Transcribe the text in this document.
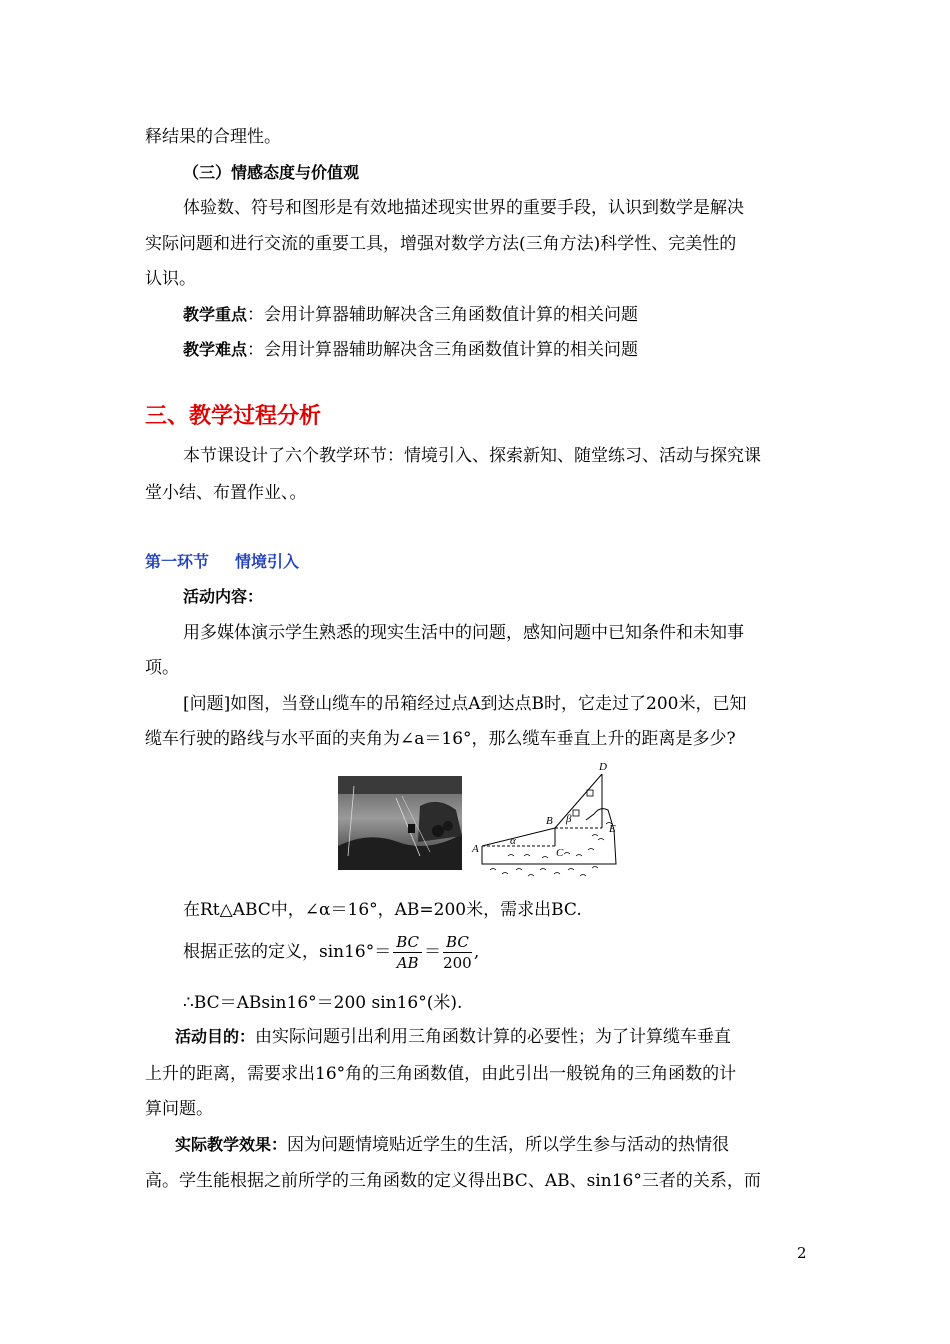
释结果的合理性。
（三）情感态度与价值观
体验数、符号和图形是有效地描述现实世界的重要手段，认识到数学是解决
实际问题和进行交流的重要工具，增强对数学方法(三角方法)科学性、完美性的
认识。
教学重点：会用计算器辅助解决含三角函数值计算的相关问题
教学难点：会用计算器辅助解决含三角函数值计算的相关问题
三、教学过程分析
本节课设计了六个教学环节：情境引入、探索新知、随堂练习、活动与探究课
堂小结、布置作业、。
第一环节 情境引入
活动内容：
用多媒体演示学生熟悉的现实生活中的问题，感知问题中已知条件和未知事
项。
[问题]如图，当登山缆车的吊箱经过点A到达点B时，它走过了200米，已知
缆车行驶的路线与水平面的夹角为∠a＝16°，那么缆车垂直上升的距离是多少?
A
B
C
D
E
α
β
在Rt△ABC中，∠α＝16°，AB=200米，需求出BC.
根据正弦的定义，$\sin 16^\circ= \frac{BC}{AB} = \frac{BC}{200}$ ,
∴BC＝ABsin16°＝200 sin16°(米).
活动目的：由实际问题引出利用三角函数计算的必要性；为了计算缆车垂直
上升的距离，需要求出16°角的三角函数值，由此引出一般锐角的三角函数的计
算问题。
实际教学效果：因为问题情境贴近学生的生活，所以学生参与活动的热情很
高。学生能根据之前所学的三角函数的定义得出BC、AB、sin16°三者的关系，而
2
